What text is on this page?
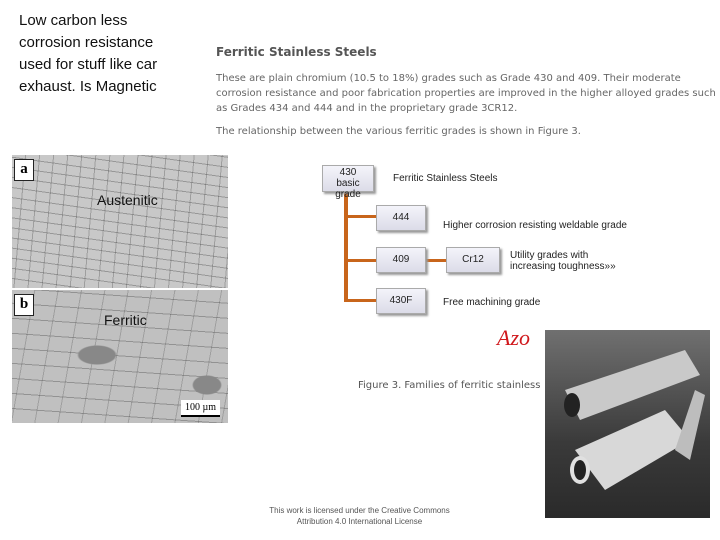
Low carbon less corrosion resistance used for stuff like car exhaust. Is Magnetic
Ferritic Stainless Steels
These are plain chromium (10.5 to 18%) grades such as Grade 430 and 409. Their moderate corrosion resistance and poor fabrication properties are improved in the higher alloyed grades such as Grades 434 and 444 and in the proprietary grade 3CR12.
The relationship between the various ferritic grades is shown in Figure 3.
a
Austenitic
b
Ferritic
100 µm
430
basic grade
Ferritic Stainless Steels
444
Higher corrosion resisting weldable grade
409	Cr12	Utility grades with
increasing toughness»»
430F	Free machining grade
Azo
Figure 3. Families of ferritic stainless
This work is licensed under the Creative Commons
Attribution 4.0 International License
